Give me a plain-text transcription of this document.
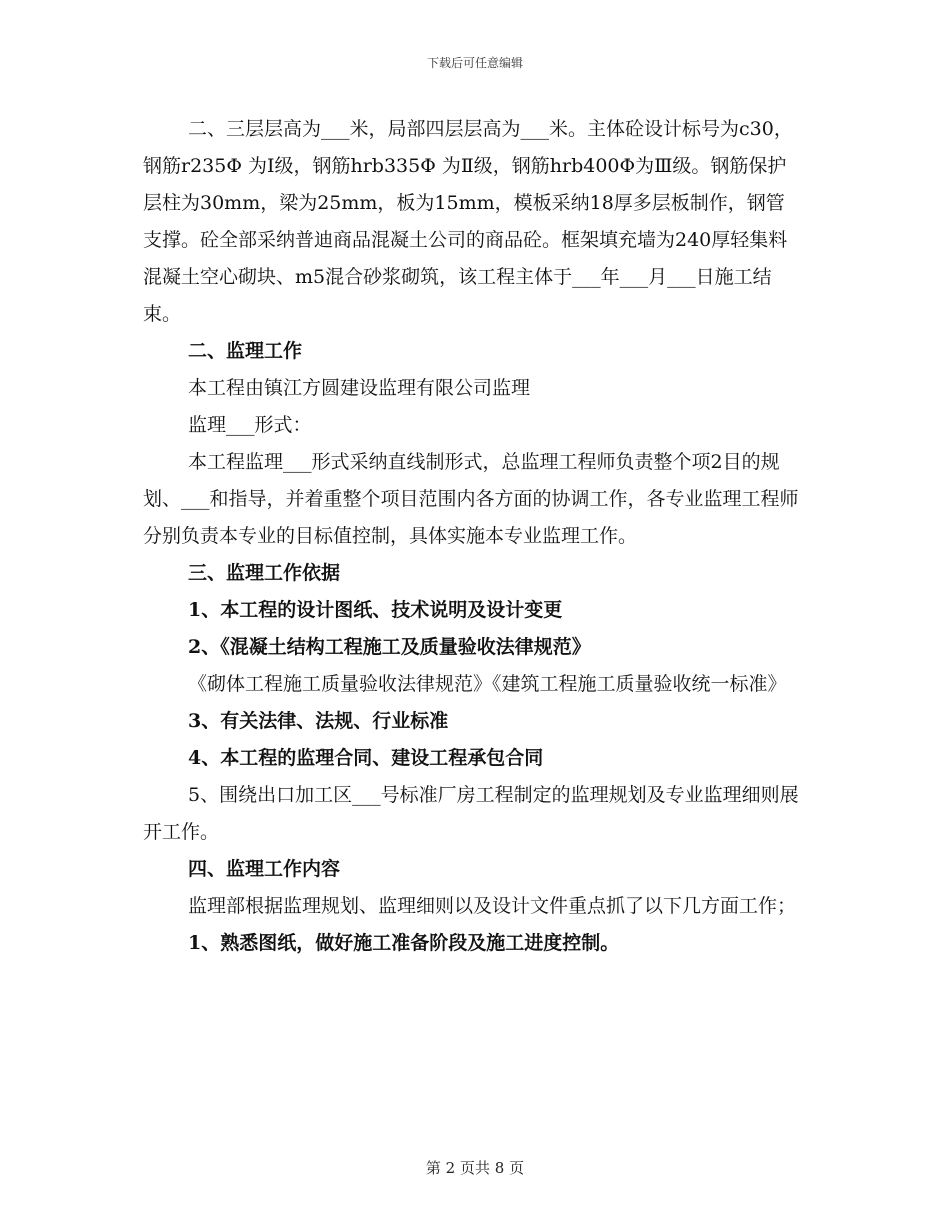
下载后可任意编辑

二、三层层高为___米，局部四层层高为___米。主体砼设计标号为c30，钢筋r235Φ 为Ⅰ级，钢筋hrb335Φ 为Ⅱ级，钢筋hrb400Φ为Ⅲ级。钢筋保护层柱为30mm，梁为25mm，板为15mm，模板采纳18厚多层板制作，钢管支撑。砼全部采纳普迪商品混凝土公司的商品砼。框架填充墙为240厚轻集料混凝土空心砌块、m5混合砂浆砌筑，该工程主体于___年___月___日施工结束。

二、监理工作

本工程由镇江方圆建设监理有限公司监理

监理___形式：

本工程监理___形式采纳直线制形式，总监理工程师负责整个项2目的规划、___和指导，并着重整个项目范围内各方面的协调工作，各专业监理工程师分别负责本专业的目标值控制，具体实施本专业监理工作。

三、监理工作依据

1、本工程的设计图纸、技术说明及设计变更

2、《混凝土结构工程施工及质量验收法律规范》

《砌体工程施工质量验收法律规范》《建筑工程施工质量验收统一标准》

3、有关法律、法规、行业标准

4、本工程的监理合同、建设工程承包合同

5、围绕出口加工区___号标准厂房工程制定的监理规划及专业监理细则展开工作。

四、监理工作内容

监理部根据监理规划、监理细则以及设计文件重点抓了以下几方面工作；

1、熟悉图纸，做好施工准备阶段及施工进度控制。

第 2 页共 8 页
